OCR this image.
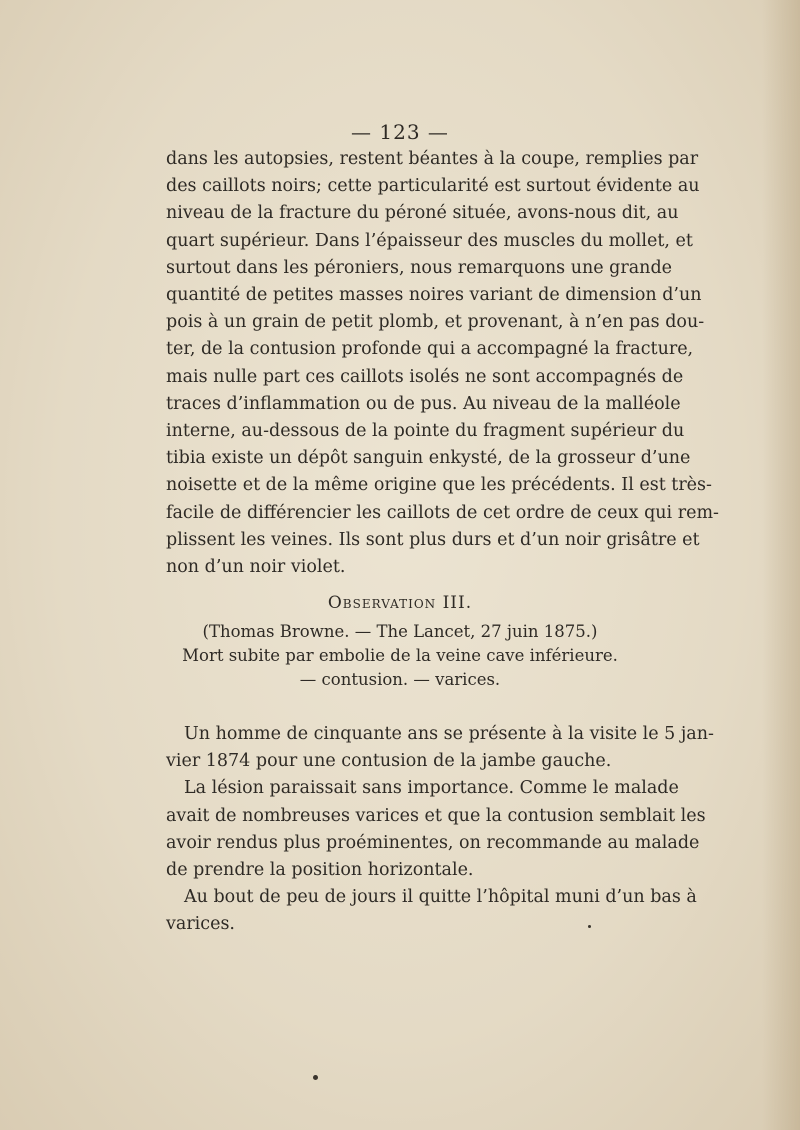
— 123 —
dans les autopsies, restent béantes à la coupe, remplies par
des caillots noirs; cette particularité est surtout évidente au
niveau de la fracture du péroné située, avons-nous dit, au
quart supérieur. Dans l’épaisseur des muscles du mollet, et
surtout dans les péroniers, nous remarquons une grande
quantité de petites masses noires variant de dimension d’un
pois à un grain de petit plomb, et provenant, à n’en pas dou-
ter, de la contusion profonde qui a accompagné la fracture,
mais nulle part ces caillots isolés ne sont accompagnés de
traces d’inflammation ou de pus. Au niveau de la malléole
interne, au-dessous de la pointe du fragment supérieur du
tibia existe un dépôt sanguin enkysté, de la grosseur d’une
noisette et de la même origine que les précédents. Il est très-
facile de différencier les caillots de cet ordre de ceux qui rem-
plissent les veines. Ils sont plus durs et d’un noir grisâtre et
non d’un noir violet.
Observation III.
(Thomas Browne. — The Lancet, 27 juin 1875.)
Mort subite par embolie de la veine cave inférieure.
— contusion. — varices.
Un homme de cinquante ans se présente à la visite le 5 jan-
vier 1874 pour une contusion de la jambe gauche.
La lésion paraissait sans importance. Comme le malade
avait de nombreuses varices et que la contusion semblait les
avoir rendus plus proéminentes, on recommande au malade
de prendre la position horizontale.
Au bout de peu de jours il quitte l’hôpital muni d’un bas à
varices.
